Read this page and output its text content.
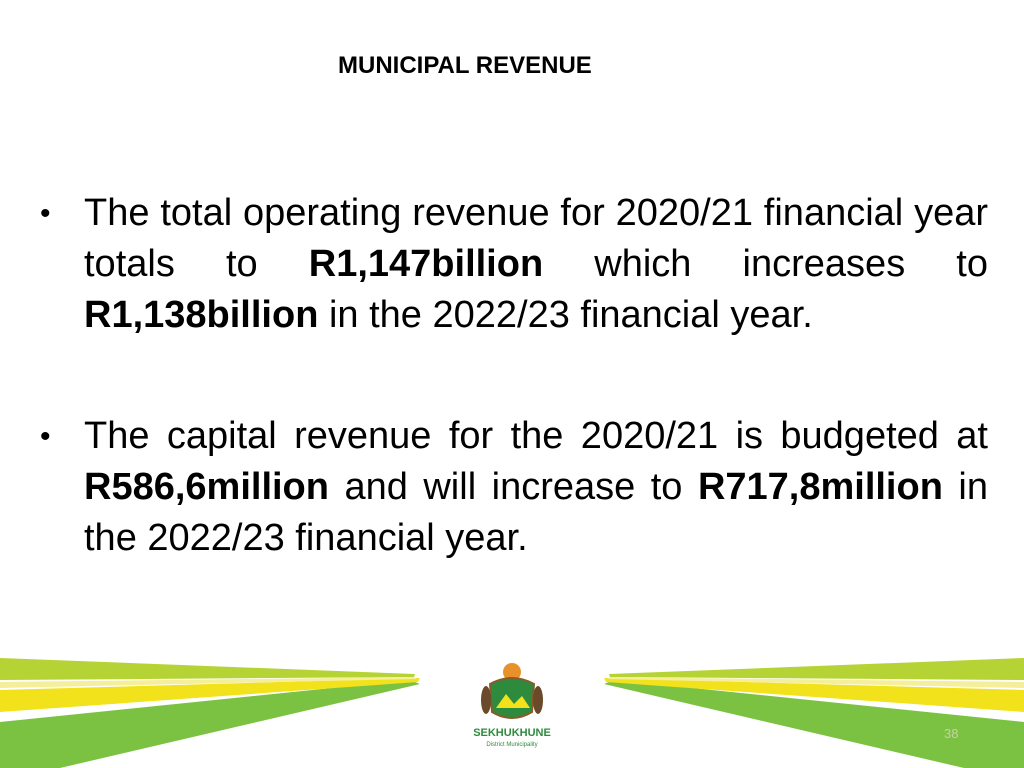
MUNICIPAL REVENUE
• The total operating revenue for 2020/21 financial year totals to R1,147billion which increases to R1,138billion in the 2022/23 financial year.
• The capital revenue for the 2020/21 is budgeted at R586,6million and will increase to R717,8million in the 2022/23 financial year.
SEKHUKHUNE
District Municipality
38
